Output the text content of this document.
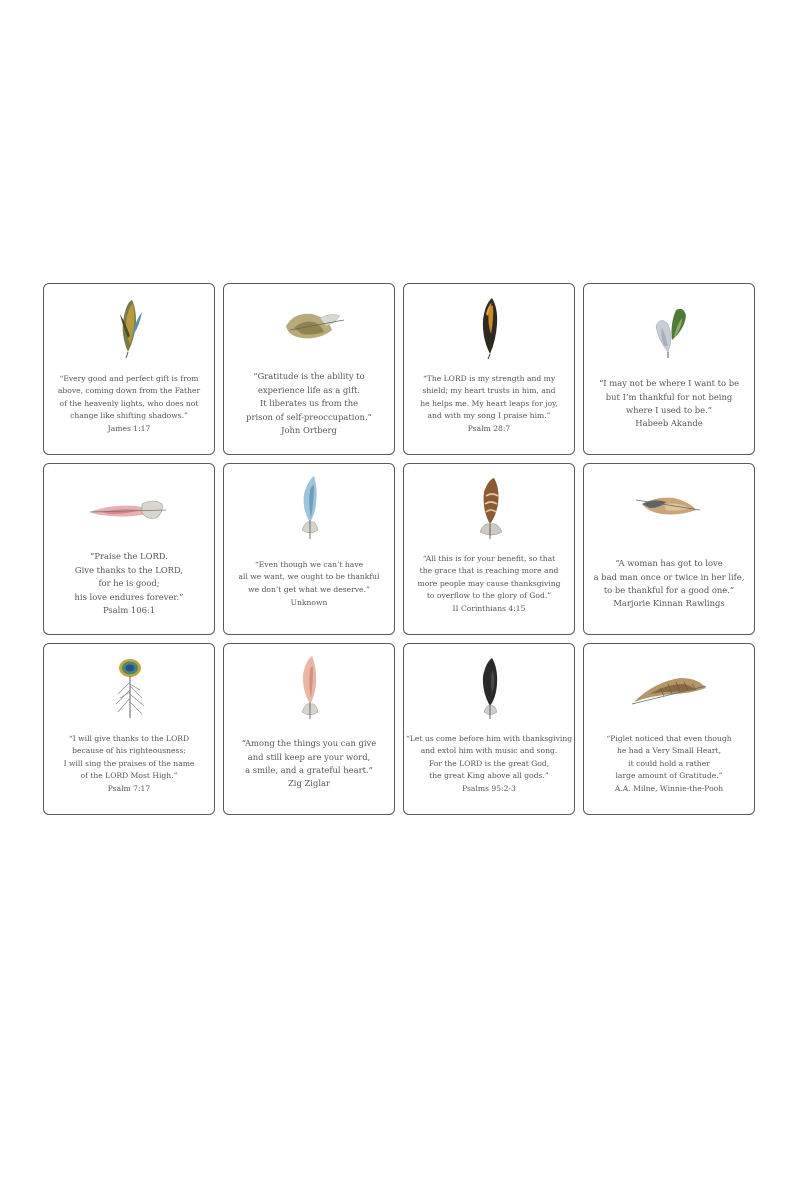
“Every good and perfect gift is from
above, coming down from the Father
of the heavenly lights, who does not
change like shifting shadows.”
James 1:17
“Gratitude is the ability to
experience life as a gift.
It liberates us from the
prison of self-preoccupation.”
John Ortberg
“The LORD is my strength and my
shield; my heart trusts in him, and
he helps me. My heart leaps for joy,
and with my song I praise him.”
Psalm 28:7
“I may not be where I want to be
but I’m thankful for not being
where I used to be.”
Habeeb Akande
“Praise the LORD.
Give thanks to the LORD,
for he is good;
his love endures forever.”
Psalm 106:1
“Even though we can’t have
all we want, we ought to be thankful
we don’t get what we deserve.”
Unknown
“All this is for your benefit, so that
the grace that is reaching more and
more people may cause thanksgiving
to overflow to the glory of God.”
II Corinthians 4:15
“A woman has got to love
a bad man once or twice in her life,
to be thankful for a good one.”
Marjorie Kinnan Rawlings
“I will give thanks to the LORD
because of his righteousness;
I will sing the praises of the name
of the LORD Most High.”
Psalm 7:17
“Among the things you can give
and still keep are your word,
a smile, and a grateful heart.”
Zig Ziglar
“Let us come before him with thanksgiving
and extol him with music and song.
For the LORD is the great God,
the great King above all gods.”
Psalms 95:2-3
“Piglet noticed that even though
he had a Very Small Heart,
it could hold a rather
large amount of Gratitude.”
A.A. Milne, Winnie-the-Pooh
